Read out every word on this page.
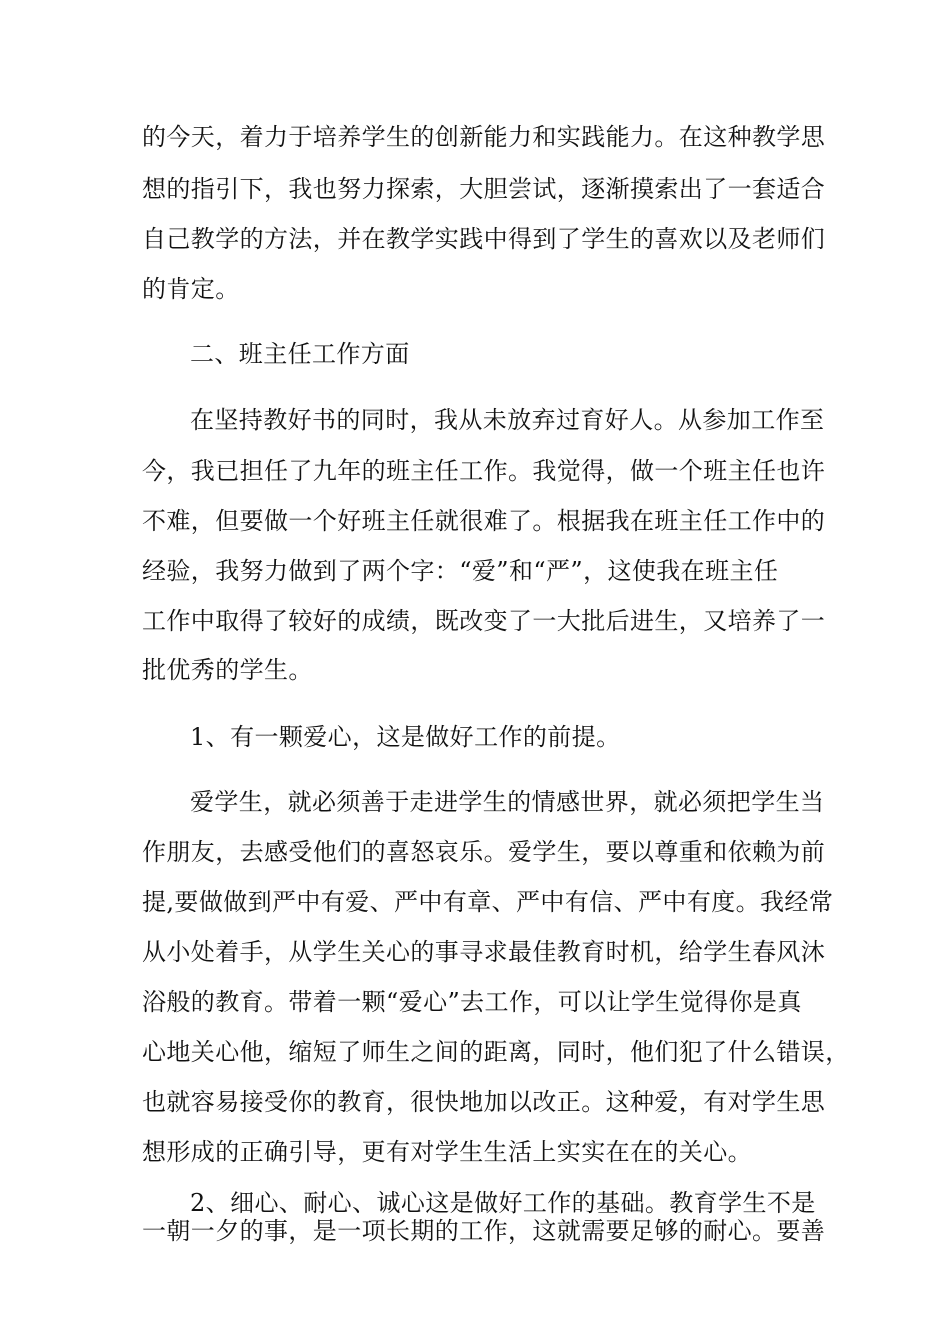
的今天，着力于培养学生的创新能力和实践能力。在这种教学思
想的指引下，我也努力探索，大胆尝试，逐渐摸索出了一套适合
自己教学的方法，并在教学实践中得到了学生的喜欢以及老师们
的肯定。
二、班主任工作方面
在坚持教好书的同时，我从未放弃过育好人。从参加工作至
今，我已担任了九年的班主任工作。我觉得，做一个班主任也许
不难，但要做一个好班主任就很难了。根据我在班主任工作中的
经验，我努力做到了两个字：“爱”和“严”，这使我在班主任
工作中取得了较好的成绩，既改变了一大批后进生，又培养了一
批优秀的学生。
1、有一颗爱心，这是做好工作的前提。
爱学生，就必须善于走进学生的情感世界，就必须把学生当
作朋友，去感受他们的喜怒哀乐。爱学生，要以尊重和依赖为前
提,要做做到严中有爱、严中有章、严中有信、严中有度。我经常
从小处着手，从学生关心的事寻求最佳教育时机，给学生春风沐
浴般的教育。带着一颗“爱心”去工作，可以让学生觉得你是真
心地关心他，缩短了师生之间的距离，同时，他们犯了什么错误，
也就容易接受你的教育，很快地加以改正。这种爱，有对学生思
想形成的正确引导，更有对学生生活上实实在在的关心。
2、细心、耐心、诚心这是做好工作的基础。教育学生不是
一朝一夕的事，是一项长期的工作，这就需要足够的耐心。要善
